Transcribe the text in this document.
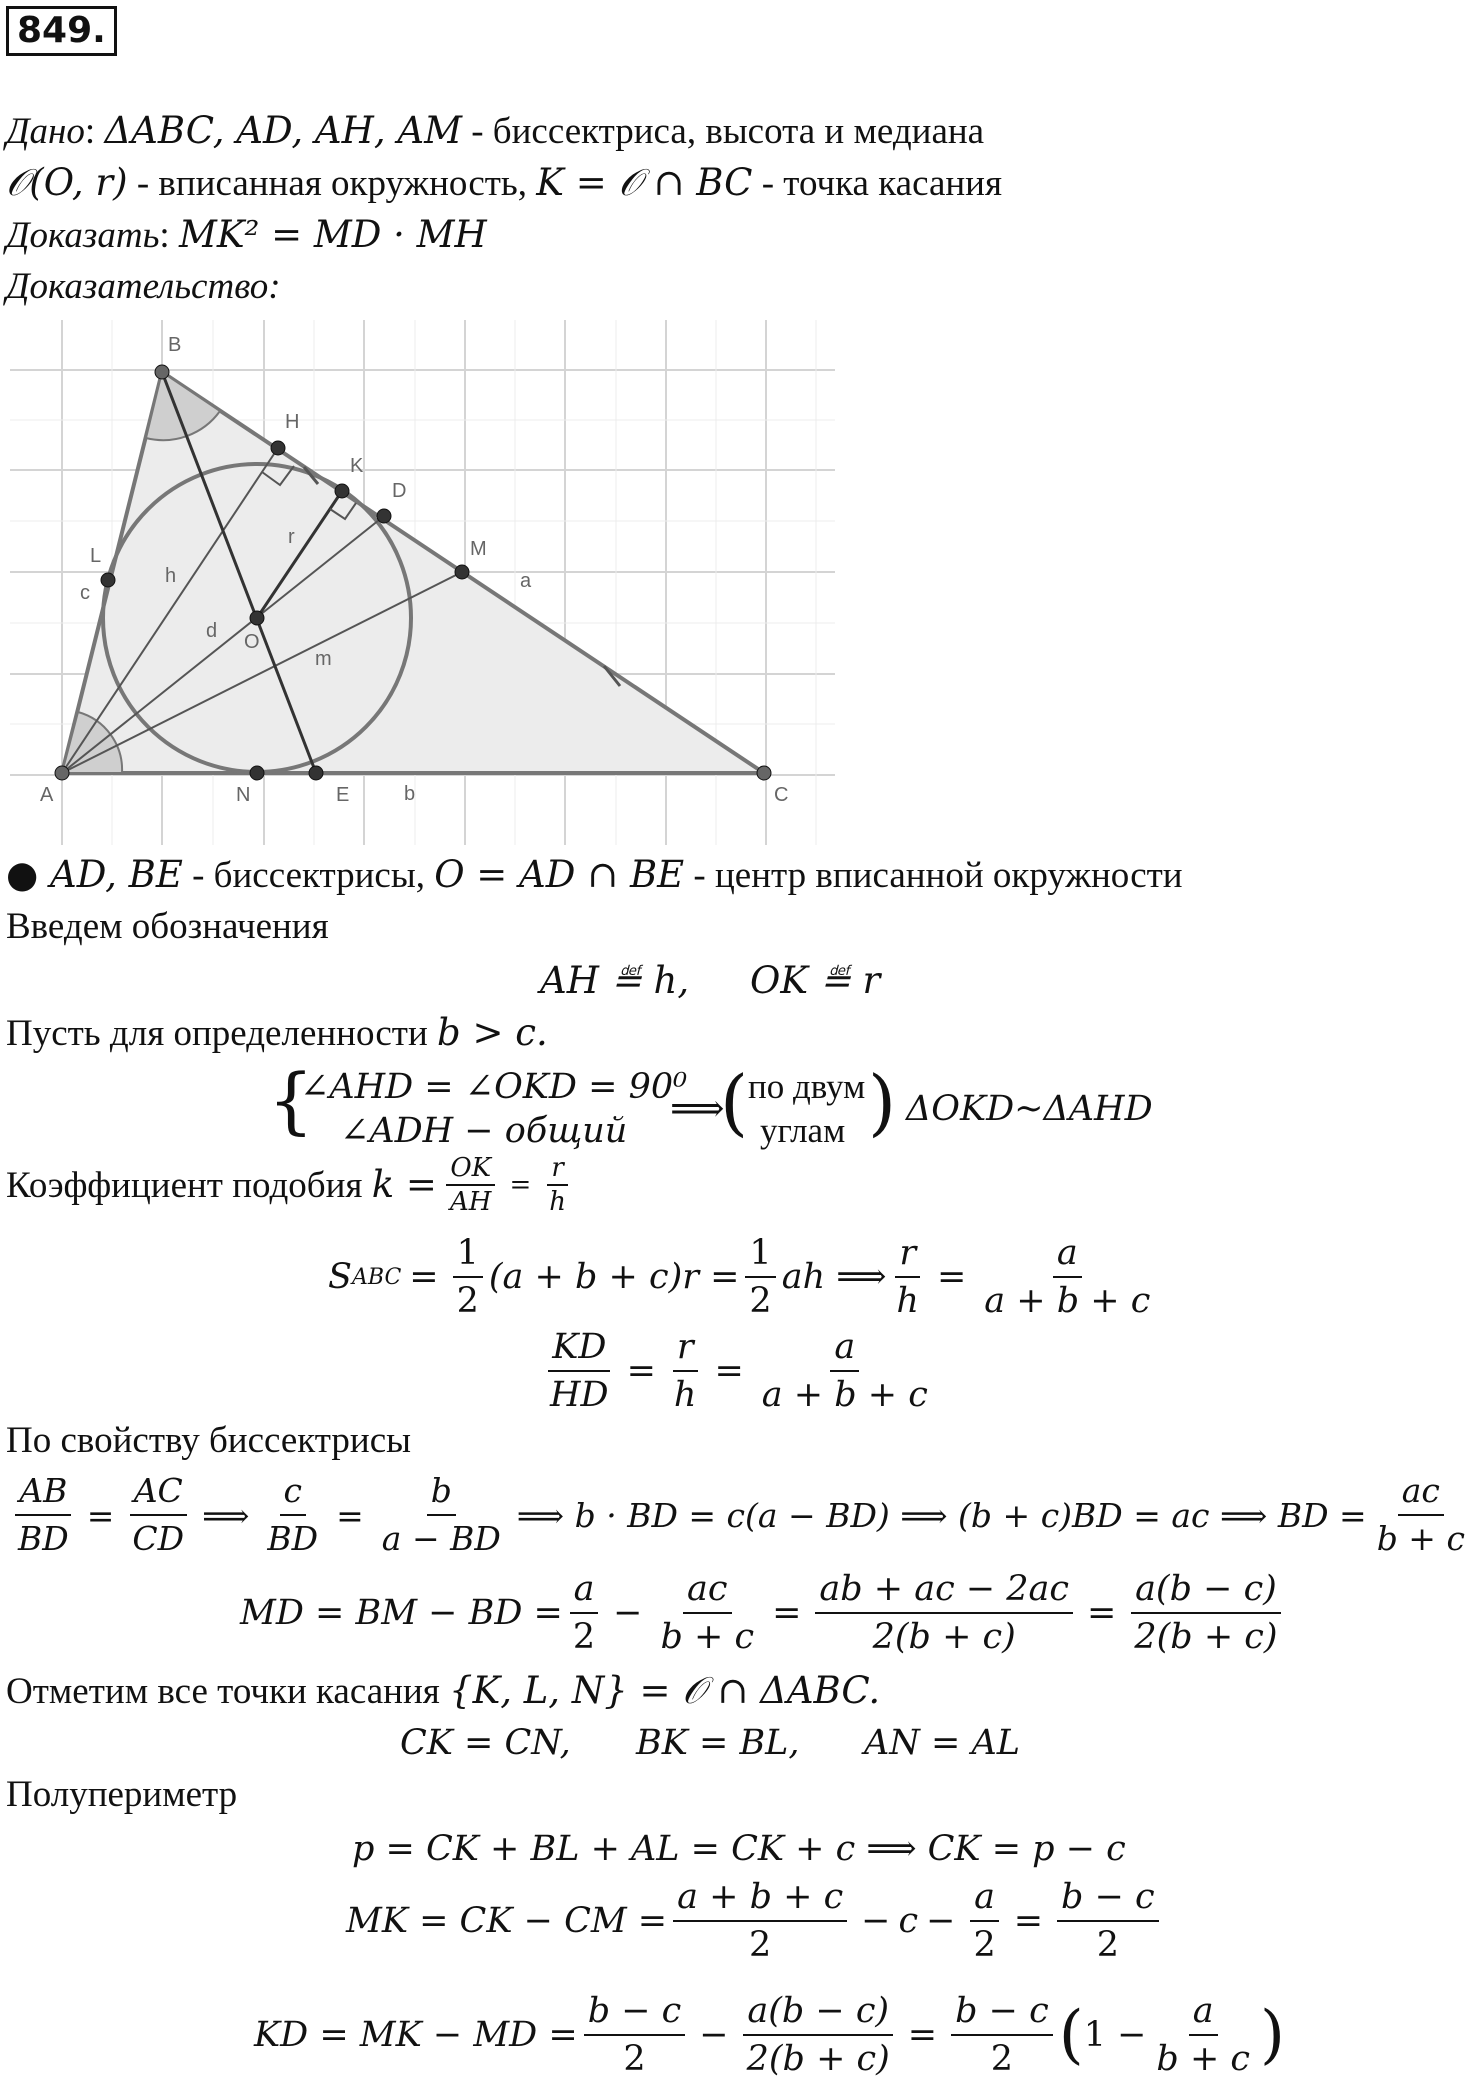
849.
Дано: ΔABC, AD, AH, AM - биссектриса, высота и медиана
𝒪(O, r) - вписанная окружность, K = 𝒪 ∩ BC - точка касания
Доказать: MK² = MD · MH
Доказательство:
B
H
K
D
M
L
O
A	N	E	C
a
b
c
h
r
d
m
● AD, BE - биссектрисы, O = AD ∩ BE - центр вписанной окружности
Введем обозначения
AH ≝ h, OK ≝ r
Пусть для определенности b > c.
{
∠AHD = ∠OKD = 90⁰
∠ADH − общий
⟹
( по двум
углам ) ΔOKD~ΔAHD
Коэффициент подобия $k = \frac{OK}{AH} = \frac{r}{h}$
S ABC = $\frac{1}{2} (a + b + c)r = \frac{1}{2}$ ah ⟹ $\frac{r}{h} = \frac{a}{a + b + c}$
$\frac{KD}{HD} = \frac{r}{h} = \frac{a}{a + b + c}$
По свойству биссектрисы
$\frac{AB}{BD} = \frac{AC}{CD}$ ⟹ $\frac{c}{BD} = \frac{b}{a - BD}$ ⟹ b · BD = c(a − BD) ⟹ (b + c)BD = ac ⟹ BD = $\frac{ac}{b + c}$
MD = BM − BD = $\frac{a}{2} - \frac{ac}{b + c} = \frac{ab + ac - 2ac}{2(b + c)} = \frac{a(b - c)}{2(b + c)}$
Отметим все точки касания {K, L, N} = 𝒪 ∩ ΔABC.
CK = CN, BK = BL, AN = AL
Полупериметр
p = CK + BL + AL = CK + c ⟹ CK = p − c
MK = CK − CM = $\frac{a + b + c}{2} - c - \frac{a}{2} = \frac{b - c}{2}$
KD = MK − MD = $\frac{b - c}{2} - \frac{a(b - c)}{2(b + c)} = \frac{b - c}{2}$ ( $1 - \frac{a}{b + c}$ )
